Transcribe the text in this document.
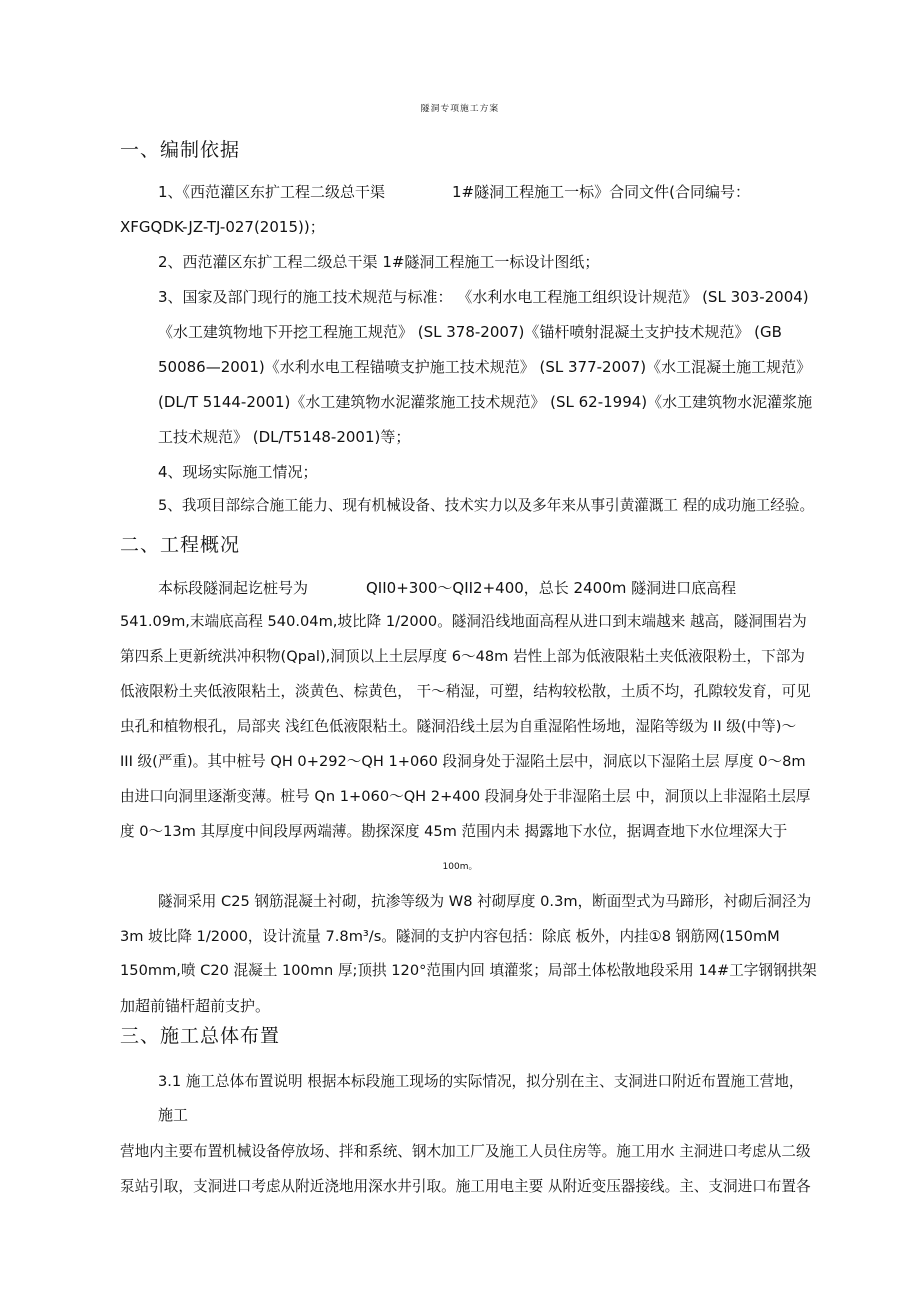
隧洞专项施工方案
一、编制依据
1、《西范灌区东扩工程二级总干渠	1#隧洞工程施工一标》合同文件(合同编号：
XFGQDK-JZ-TJ-027(2015))；
2、西范灌区东扩工程二级总干渠 1#隧洞工程施工一标设计图纸；
3、国家及部门现行的施工技术规范与标准： 《水利水电工程施工组织设计规范》 (SL 303-2004)
《水工建筑物地下开挖工程施工规范》 (SL 378-2007)《锚杆喷射混凝土支护技术规范》 (GB
50086—2001)《水利水电工程锚喷支护施工技术规范》 (SL 377-2007)《水工混凝土施工规范》
(DL/T 5144-2001)《水工建筑物水泥灌浆施工技术规范》 (SL 62-1994)《水工建筑物水泥灌浆施
工技术规范》 (DL/T5148-2001)等；
4、现场实际施工情况；
5、我项目部综合施工能力、现有机械设备、技术实力以及多年来从事引黄灌溉工 程的成功施工经验。
二、工程概况
本标段隧洞起讫桩号为	QII0+300～QII2+400，总长 2400m 隧洞进口底高程
541.09m,末端底高程 540.04m,坡比降 1/2000。隧洞沿线地面高程从进口到末端越来 越高，隧洞围岩为
第四系上更新统洪冲积物(Qpal),洞顶以上土层厚度 6～48m 岩性上部为低液限粘土夹低液限粉土，下部为
低液限粉土夹低液限粘土，淡黄色、棕黄色， 干～稍湿，可塑，结构较松散，土质不均，孔隙较发育，可见
虫孔和植物根孔，局部夹 浅红色低液限粘土。隧洞沿线土层为自重湿陷性场地，湿陷等级为 II 级(中等)～
III 级(严重)。其中桩号 QH 0+292～QH 1+060 段洞身处于湿陷土层中，洞底以下湿陷土层 厚度 0～8m
由进口向洞里逐渐变薄。桩号 Qn 1+060～QH 2+400 段洞身处于非湿陷土层 中，洞顶以上非湿陷土层厚
度 0～13m 其厚度中间段厚两端薄。勘探深度 45m 范围内未 揭露地下水位，据调查地下水位埋深大于
100m。
隧洞采用 C25 钢筋混凝土衬砌，抗渗等级为 W8 衬砌厚度 0.3m，断面型式为马蹄形，衬砌后洞泾为
3m 坡比降 1/2000，设计流量 7.8m³/s。隧洞的支护内容包括：除底 板外，内挂①8 钢筋网(150mM
150mm,喷 C20 混凝土 100mn 厚;顶拱 120°范围内回 填灌浆；局部土体松散地段采用 14#工字钢钢拱架
加超前锚杆超前支护。
三、施工总体布置
3.1 施工总体布置说明 根据本标段施工现场的实际情况，拟分别在主、支洞进口附近布置施工营地，
施工
营地内主要布置机械设备停放场、拌和系统、钢木加工厂及施工人员住房等。施工用水 主洞进口考虑从二级
泵站引取，支洞进口考虑从附近浇地用深水井引取。施工用电主要 从附近变压器接线。主、支洞进口布置各
